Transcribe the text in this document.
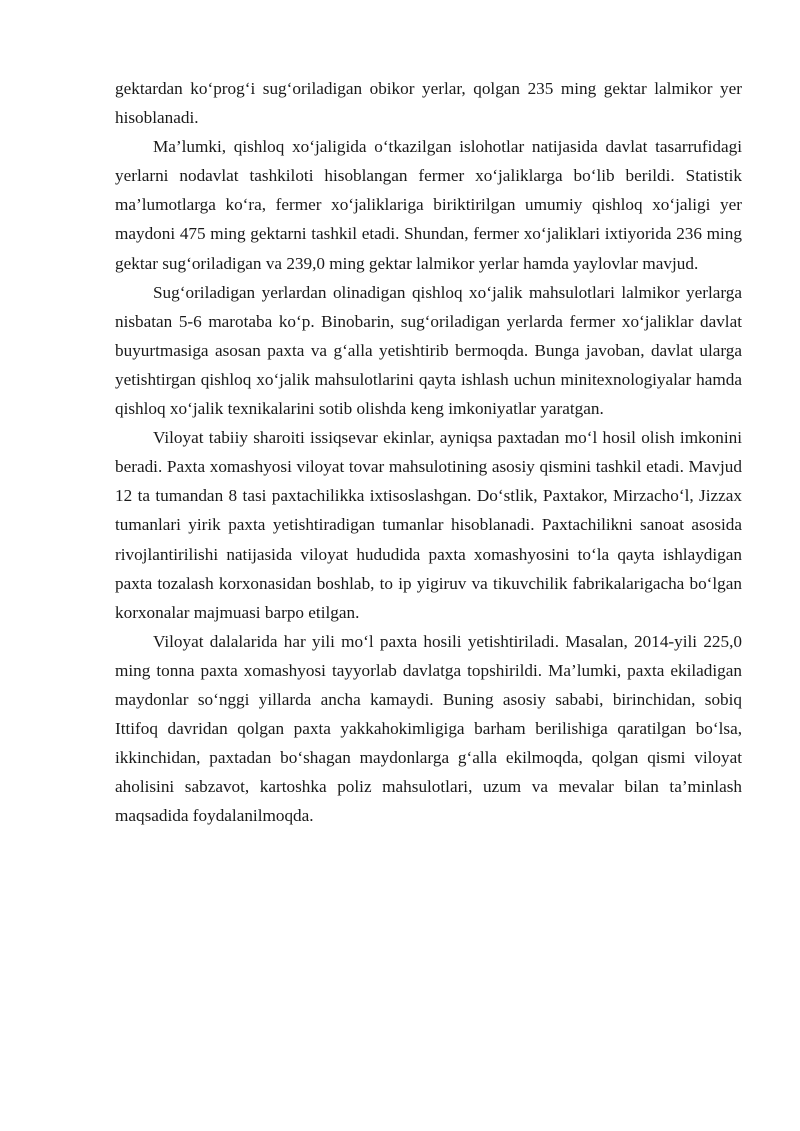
gektardan ko‘prog‘i sug‘oriladigan obikor yerlar, qolgan 235 ming gektar lalmikor yer hisoblanadi.

Ma’lumki, qishloq xo‘jaligida o‘tkazilgan islohotlar natijasida davlat tasarrufidagi yerlarni nodavlat tashkiloti hisoblangan fermer xo‘jaliklarga bo‘lib berildi. Statistik ma’lumotlarga ko‘ra, fermer xo‘jaliklariga biriktirilgan umumiy qishloq xo‘jaligi yer maydoni 475 ming gektarni tashkil etadi. Shundan, fermer xo‘jaliklari ixtiyorida 236 ming gektar sug‘oriladigan va 239,0 ming gektar lalmikor yerlar hamda yaylovlar mavjud.

Sug‘oriladigan yerlardan olinadigan qishloq xo‘jalik mahsulotlari lalmikor yerlarga nisbatan 5-6 marotaba ko‘p. Binobarin, sug‘oriladigan yerlarda fermer xo‘jaliklar davlat buyurtmasiga asosan paxta va g‘alla yetishtirib bermoqda. Bunga javoban, davlat ularga yetishtirgan qishloq xo‘jalik mahsulotlarini qayta ishlash uchun minitexnologiyalar hamda qishloq xo‘jalik texnikalarini sotib olishda keng imkoniyatlar yaratgan.

Viloyat tabiiy sharoiti issiqsevar ekinlar, ayniqsa paxtadan mo‘l hosil olish imkonini beradi. Paxta xomashyosi viloyat tovar mahsulotining asosiy qismini tashkil etadi. Mavjud 12 ta tumandan 8 tasi paxtachilikka ixtisoslashgan. Do‘stlik, Paxtakor, Mirzacho‘l, Jizzax tumanlari yirik paxta yetishtiradigan tumanlar hisoblanadi. Paxtachilikni sanoat asosida rivojlantirilishi natijasida viloyat hududida paxta xomashyosini to‘la qayta ishlaydigan paxta tozalash korxonasidan boshlab, to ip yigiruv va tikuvchilik fabrikalarigacha bo‘lgan korxonalar majmuasi barpo etilgan.

Viloyat dalalarida har yili mo‘l paxta hosili yetishtiriladi. Masalan, 2014-yili 225,0 ming tonna paxta xomashyosi tayyorlab davlatga topshirildi. Ma’lumki, paxta ekiladigan maydonlar so‘nggi yillarda ancha kamaydi. Buning asosiy sababi, birinchidan, sobiq Ittifoq davridan qolgan paxta yakkahokimligiga barham berilishiga qaratilgan bo‘lsa, ikkinchidan, paxtadan bo‘shagan maydonlarga g‘alla ekilmoqda, qolgan qismi viloyat aholisini sabzavot, kartoshka poliz mahsulotlari, uzum va mevalar bilan ta’minlash maqsadida foydalanilmoqda.
